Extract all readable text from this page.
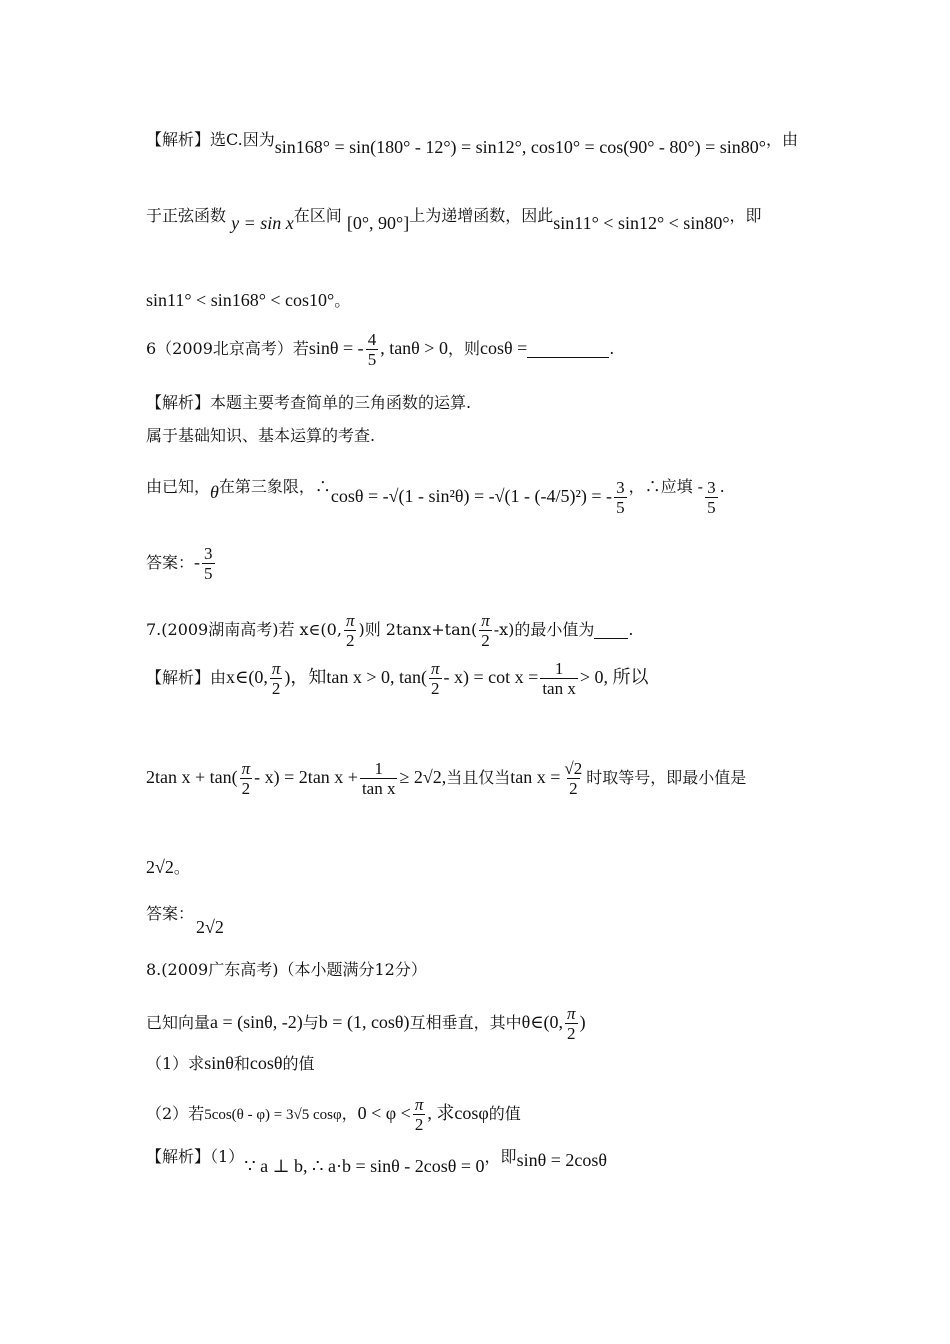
【解析】选C.因为sin168° = sin(180° - 12°) = sin12°, cos10° = cos(90° - 80°) = sin80°，由
于正弦函数 y = sin x在区间 [0°, 90°]上为递增函数，因此sin11° < sin12° < sin80°，即
sin11° < sin168° < cos10°。
6（2009北京高考）若sinθ = - $\frac{4}{5}$ , tanθ > 0，则cosθ =	.
【解析】本题主要考查简单的三角函数的运算.
属于基础知识、基本运算的考查.
由已知，θ在第三象限，∴cosθ = -√(1 - sin²θ) = -√(1 - (-4/5)²) = - $\frac{3}{5}$ ，∴应填 - $\frac{3}{5}$ .
答案：- $\frac{3}{5}$
7.(2009湖南高考)若 x∈(0, $\frac{\pi}{2}$ )则 $2\tan x+\tan( \frac{\pi}{2} -x)$的最小值为 .
【解析】由x∈(0, $\frac{\pi}{2}$ )，知tan x > 0, $\tan( \frac{\pi}{2} - x) = \cot x = \frac{1}{\text{tan x}} > 0$, 所以
2tan $x + \tan( \frac{\pi}{2} - x) = 2\tan$ $x + \frac{1}{\text{tan x}} \ge 2√2$,当且仅当$\tan x = \frac{√2}{2}$ 时取等号，即最小值是
2√2。
答案：
2√2
8.(2009广东高考)（本小题满分12分）
已知向量a = (sinθ, -2)与b = (1, cosθ)互相垂直，其中θ∈(0, $\frac{\pi}{2}$ )
（1）求sinθ和cosθ的值
（2）若5cos(θ - φ) = 3√5 cosφ，$0 < \varphi < \frac{\pi}{2}$ , 求cosφ的值
【解析】（1）∵ a ⊥ b, ∴ a·b = sinθ - 2cosθ = 0，即sinθ = 2cosθ
